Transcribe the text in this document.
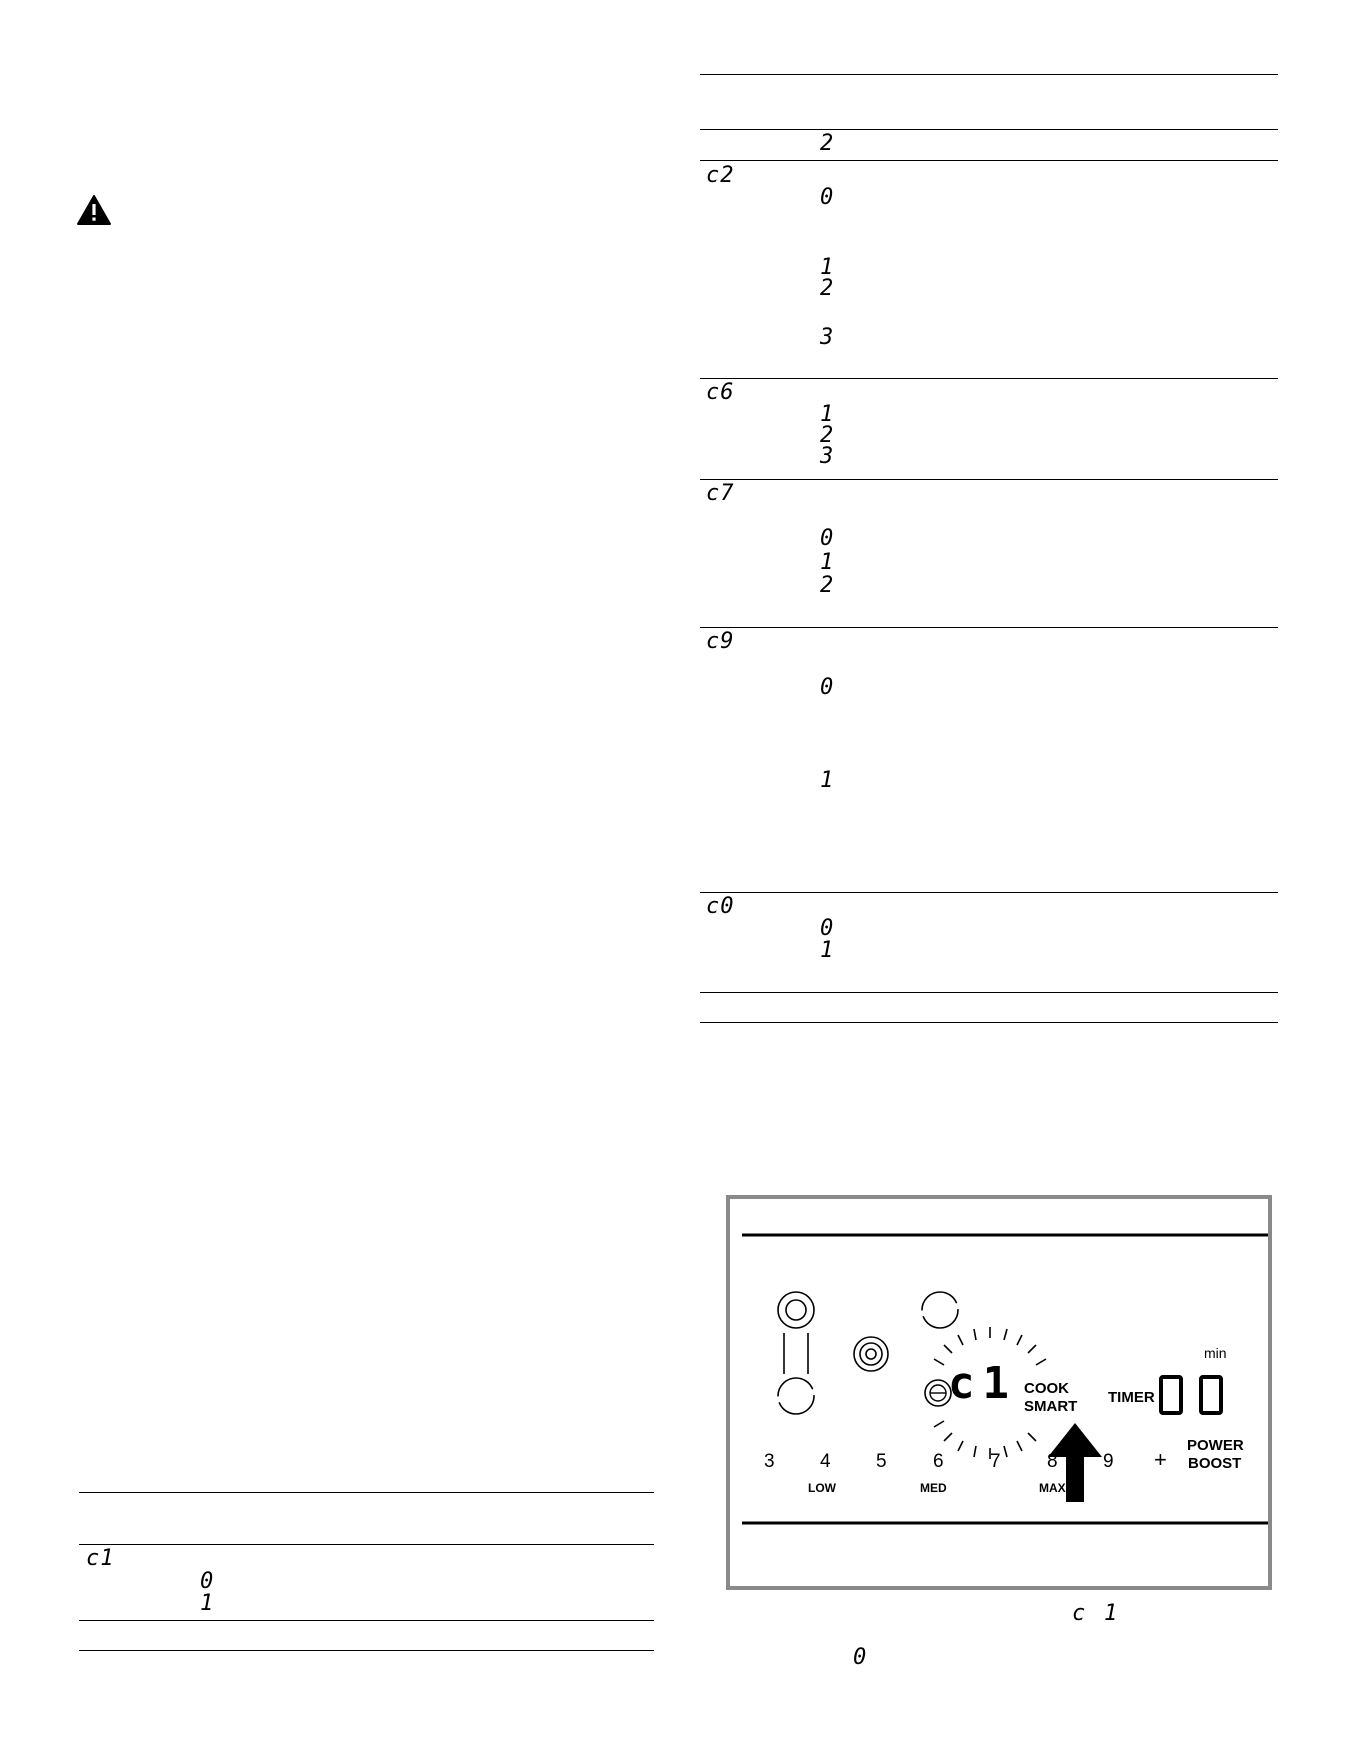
c1
0
1
2
c2
0
1
2
3
c6
1
2
3
c7
0
1
2
c9
0
1
c0
0
1
c1 COOK
SMART
min
TIMER
3 4 5 6 7 8 9 +
LOW	MED	MAX
POWER
BOOST
c 1
0
